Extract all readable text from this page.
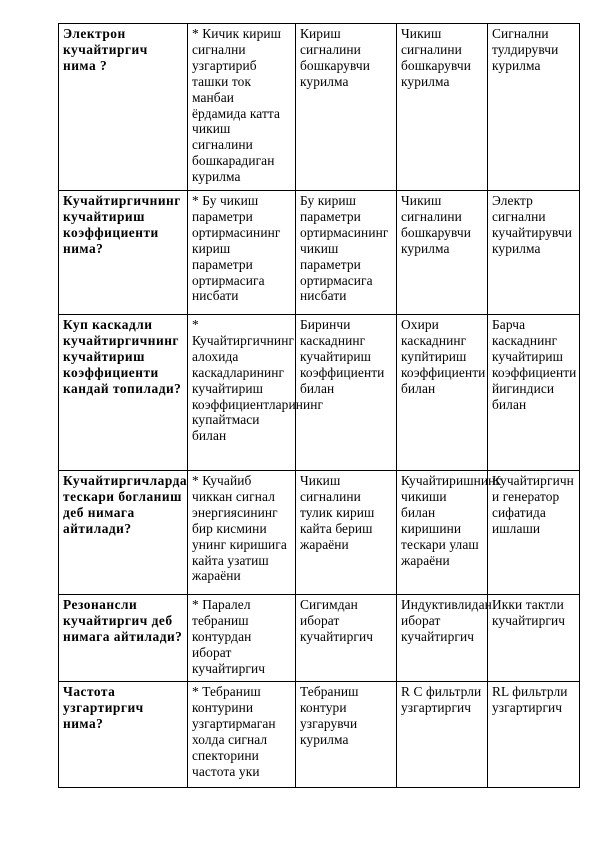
Электрон кучайтиргич нима ?	* Кичик кириш сигнални узгартириб ташки ток манбаи ёрдамида катта чикиш сигналини бошкарадиган курилма	Кириш сигналини бошкарувчи курилма	Чикиш сигналини бошкарувчи курилма	Сигнални тулдирувчи курилма

Кучайтиргичнинг кучайтириш коэффициенти нима?	* Бу чикиш параметри ортирмасининг кириш параметри ортирмасига нисбати	Бу кириш параметри ортирмасининг чикиш параметри ортирмасига нисбати	Чикиш сигналини бошкарувчи курилма	Электр сигнални кучайтирувчи курилма

Куп каскадли кучайтиргичнинг кучайтириш коэффициенти кандай топилади?	* Кучайтиргичнинг алохида каскадларининг кучайтириш коэффициентларининг купайтмаси билан	Биринчи каскаднинг кучайтириш коэффициенти билан	Охири каскаднинг купйтириш коэффициенти билан	Барча каскаднинг кучайтириш коэффициенти йигиндиси билан

Кучайтиргичларда тескари богланиш деб нимага айтилади?	* Кучайиб чиккан сигнал энергиясининг бир кисмини унинг киришига кайта узатиш жараёни	Чикиш сигналини тулик кириш кайта бериш жараёни	Кучайтиришнинг чикиши билан киришини тескари улаш жараёни	Кучайтиргичн и генератор сифатида ишлаши

Резонансли кучайтиргич деб нимага айтилади?	* Паралел тебраниш контурдан иборат кучайтиргич	Сигимдан иборат кучайтиргич	Индуктивлидан иборат кучайтиргич	Икки тактли кучайтиргич

Частота узгартиргич нима?	* Тебраниш контурини узгартирмаган холда сигнал спекторини частота уки	Тебраниш контури узгарувчи курилма	R C фильтрли узгартиргич	RL фильтрли узгартиргич
